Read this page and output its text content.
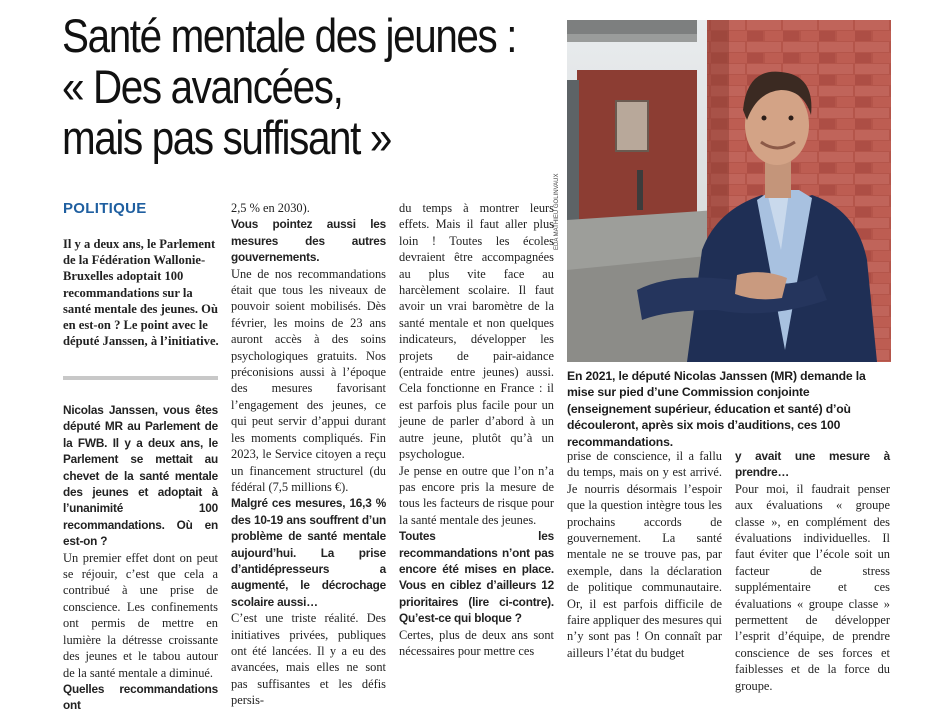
Santé mentale des jeunes :
« Des avancées,
mais pas suffisant »
POLITIQUE
Il y a deux ans, le Parlement de la Fédération Wallonie-Bruxelles adoptait 100 recommandations sur la santé mentale des jeunes. Où en est-on ? Le point avec le député Janssen, à l’initiative.

Nicolas Janssen, vous êtes député MR au Parlement de la FWB. Il y a deux ans, le Parlement se mettait au chevet de la santé mentale des jeunes et adoptait à l’unanimité 100 recommandations. Où en est-on ?

Un premier effet dont on peut se réjouir, c’est que cela a contribué à une prise de conscience. Les confinements ont permis de mettre en lumière la détresse croissante des jeunes et le tabou autour de la santé mentale a diminué.

Quelles recommandations ont

2,5 % en 2030).

Vous pointez aussi les mesures des autres gouvernements.

Une de nos recommandations était que tous les niveaux de pouvoir soient mobilisés. Dès février, les moins de 23 ans auront accès à des soins psychologiques gratuits. Nos préconisions aussi à l’époque des mesures favorisant l’engagement des jeunes, ce qui peut servir d’appui durant les moments compliqués. Fin 2023, le Service citoyen a reçu un financement structurel (du fédéral (7,5 millions €).

Malgré ces mesures, 16,3 % des 10-19 ans souffrent d’un problème de santé mentale aujourd’hui. La prise d’antidépresseurs a augmenté, le décrochage scolaire aussi…

C’est une triste réalité. Des initiatives privées, publiques ont été lancées. Il y a eu des avancées, mais elles ne sont pas suffisantes et les défis persis-

du temps à montrer leurs effets. Mais il faut aller plus loin ! Toutes les écoles devraient être accompagnées au plus vite face au harcèlement scolaire. Il faut avoir un vrai baromètre de la santé mentale et non quelques indicateurs, développer les projets de pair-aidance (entraide entre jeunes) aussi. Cela fonctionne en France : il est parfois plus facile pour un jeune de parler d’abord à un autre jeune, plutôt qu’à un psychologue.

Je pense en outre que l’on n’a pas encore pris la mesure de tous les facteurs de risque pour la santé mentale des jeunes.

Toutes les recommandations n’ont pas encore été mises en place. Vous en ciblez d’ailleurs 12 prioritaires (lire ci-contre). Qu’est-ce qui bloque ?

Certes, plus de deux ans sont nécessaires pour mettre ces

EDA MATHIEU GOLINVAUX
En 2021, le député Nicolas Janssen (MR) demande la mise sur pied d’une Commission conjointe (enseignement supérieur, éducation et santé) d’où découleront, après six mois d’auditions, ces 100 recommandations.

prise de conscience, il a fallu du temps, mais on y est arrivé. Je nourris désormais l’espoir que la question intègre tous les prochains accords de gouvernement. La santé mentale ne se trouve pas, par exemple, dans la déclaration de politique communautaire. Or, il est parfois difficile de faire appliquer des mesures qui n’y sont pas ! On connaît par ailleurs l’état du budget

y avait une mesure à prendre…

Pour moi, il faudrait penser aux évaluations « groupe classe », en complément des évaluations individuelles. Il faut éviter que l’école soit un facteur de stress supplémentaire et ces évaluations « groupe classe » permettent de développer l’esprit d’équipe, de prendre conscience de ses forces et faiblesses et de la force du groupe.
